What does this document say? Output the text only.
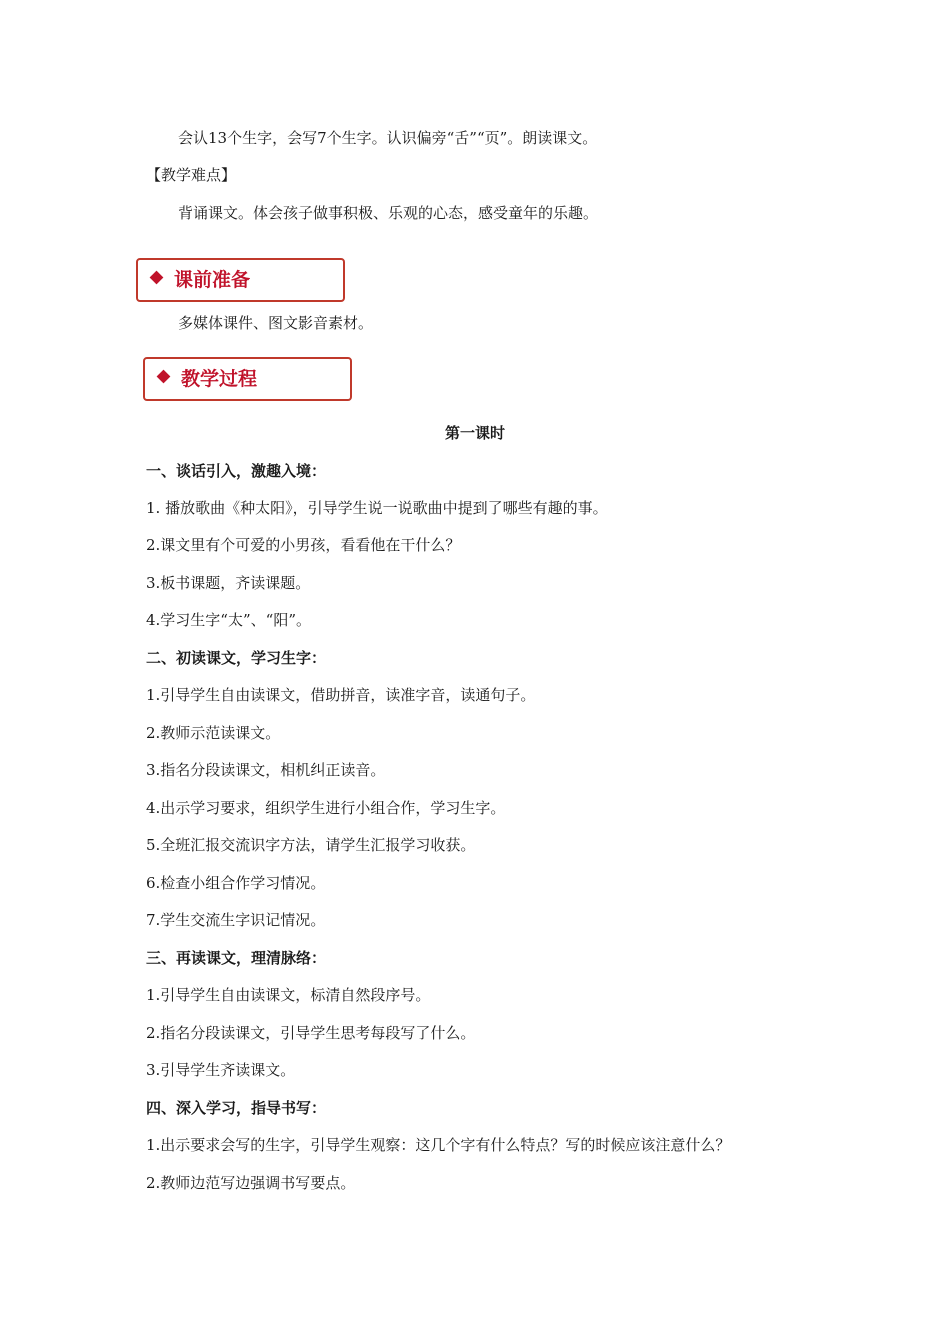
会认13个生字，会写7个生字。认识偏旁“舌”“页”。朗读课文。
【教学难点】
背诵课文。体会孩子做事积极、乐观的心态，感受童年的乐趣。
课前准备
多媒体课件、图文影音素材。
教学过程
第一课时
一、谈话引入，激趣入境：
1. 播放歌曲《种太阳》，引导学生说一说歌曲中提到了哪些有趣的事。
2.课文里有个可爱的小男孩，看看他在干什么？
3.板书课题，齐读课题。
4.学习生字“太”、“阳”。
二、初读课文，学习生字：
1.引导学生自由读课文，借助拼音，读准字音，读通句子。
2.教师示范读课文。
3.指名分段读课文，相机纠正读音。
4.出示学习要求，组织学生进行小组合作，学习生字。
5.全班汇报交流识字方法，请学生汇报学习收获。
6.检查小组合作学习情况。
7.学生交流生字识记情况。
三、再读课文，理清脉络：
1.引导学生自由读课文，标清自然段序号。
2.指名分段读课文，引导学生思考每段写了什么。
3.引导学生齐读课文。
四、深入学习，指导书写：
1.出示要求会写的生字，引导学生观察：这几个字有什么特点？写的时候应该注意什么？
2.教师边范写边强调书写要点。
